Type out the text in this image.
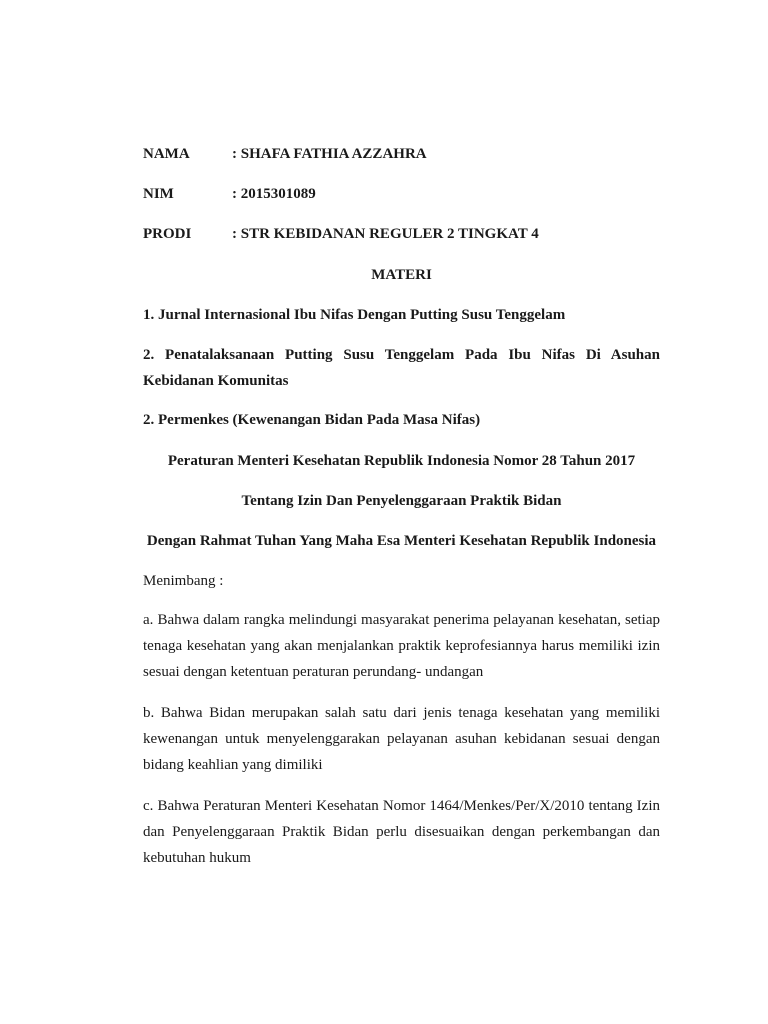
NAMA	: SHAFA FATHIA AZZAHRA
NIM	: 2015301089
PRODI	: STR KEBIDANAN REGULER 2 TINGKAT 4
MATERI
1. Jurnal Internasional Ibu Nifas Dengan Putting Susu Tenggelam
2. Penatalaksanaan Putting Susu Tenggelam Pada Ibu Nifas Di Asuhan Kebidanan Komunitas
2. Permenkes (Kewenangan Bidan Pada Masa Nifas)
Peraturan Menteri Kesehatan Republik Indonesia Nomor 28 Tahun 2017
Tentang Izin Dan Penyelenggaraan Praktik Bidan
Dengan Rahmat Tuhan Yang Maha Esa Menteri Kesehatan Republik Indonesia
Menimbang :
a. Bahwa dalam rangka melindungi masyarakat penerima pelayanan kesehatan, setiap tenaga kesehatan yang akan menjalankan praktik keprofesiannya harus memiliki izin sesuai dengan ketentuan peraturan perundang- undangan
b. Bahwa Bidan merupakan salah satu dari jenis tenaga kesehatan yang memiliki kewenangan untuk menyelenggarakan pelayanan asuhan kebidanan sesuai dengan bidang keahlian yang dimiliki
c. Bahwa Peraturan Menteri Kesehatan Nomor 1464/Menkes/Per/X/2010 tentang Izin dan Penyelenggaraan Praktik Bidan perlu disesuaikan dengan perkembangan dan kebutuhan hukum
